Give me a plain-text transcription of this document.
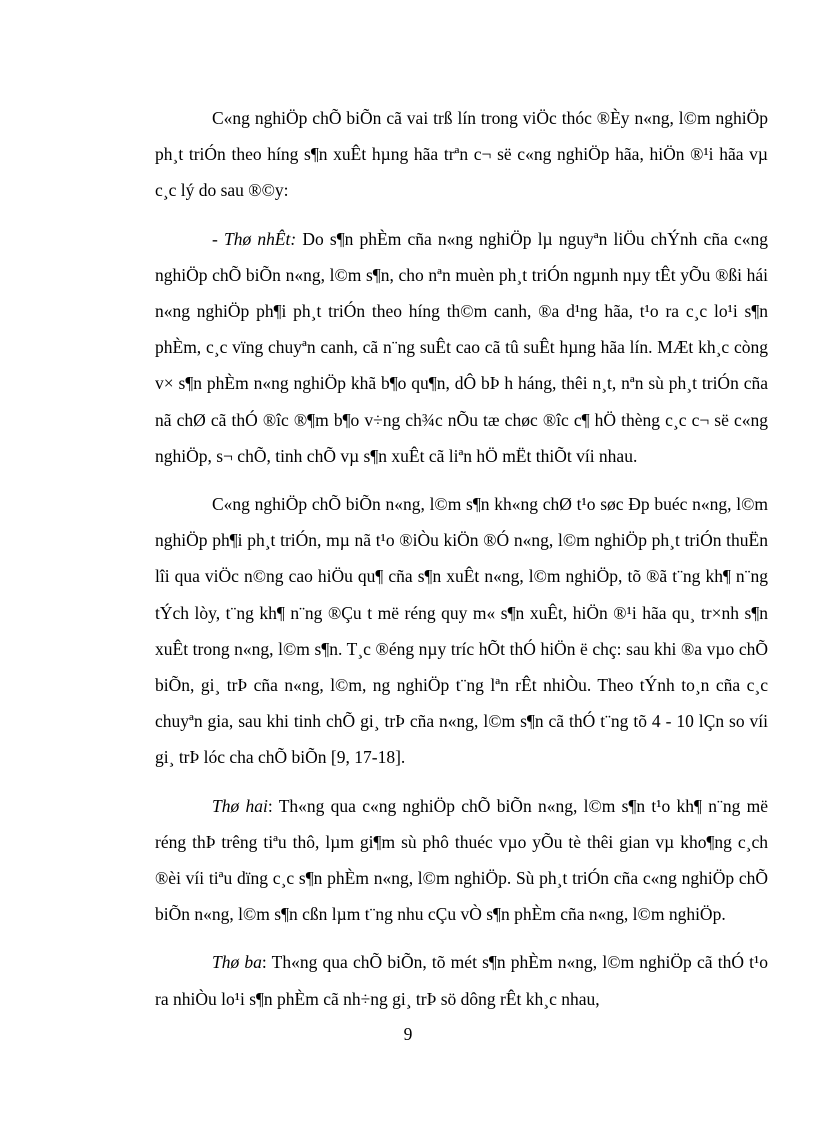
C«ng nghiÖp chÕ biÕn cã vai trß lín trong viÖc thóc ®Èy n«ng, l©m nghiÖp ph¸t triÓn theo híng s¶n xuÊt hµng hãa trªn c¬ së c«ng nghiÖp hãa, hiÖn ®¹i hãa vµ c¸c lý do sau ®©y:

- Thø nhÊt: Do s¶n phÈm cña n«ng nghiÖp lµ nguyªn liÖu chÝnh cña c«ng nghiÖp chÕ biÕn n«ng, l©m s¶n, cho nªn muèn ph¸t triÓn ngµnh nµy tÊt yÕu ®ßi hái n«ng nghiÖp ph¶i ph¸t triÓn theo híng th©m canh, ®a d¹ng hãa, t¹o ra c¸c lo¹i s¶n phÈm, c¸c vïng chuyªn canh, cã n¨ng suÊt cao cã tû suÊt hµng hãa lín. MÆt kh¸c còng v× s¶n phÈm n«ng nghiÖp khã b¶o qu¶n, dÔ bÞ h háng, thêi n¸t, nªn sù ph¸t triÓn cña nã chØ cã thÓ ®îc ®¶m b¶o v÷ng ch¾c nÕu tæ chøc ®îc c¶ hÖ thèng c¸c c¬ së c«ng nghiÖp, s¬ chÕ, tinh chÕ vµ s¶n xuÊt cã liªn hÖ mËt thiÕt víi nhau.

C«ng nghiÖp chÕ biÕn n«ng, l©m s¶n kh«ng chØ t¹o søc Ðp buéc n«ng, l©m nghiÖp ph¶i ph¸t triÓn, mµ nã t¹o ®iÒu kiÖn ®Ó n«ng, l©m nghiÖp ph¸t triÓn thuËn lîi qua viÖc n©ng cao hiÖu qu¶ cña s¶n xuÊt n«ng, l©m nghiÖp, tõ ®ã t¨ng kh¶ n¨ng tÝch lòy, t¨ng kh¶ n¨ng ®Çu t më réng quy m« s¶n xuÊt, hiÖn ®¹i hãa qu¸ tr×nh s¶n xuÊt trong n«ng, l©m s¶n. T¸c ®éng nµy tríc hÕt thÓ hiÖn ë chç: sau khi ®a vµo chÕ biÕn, gi¸ trÞ cña n«ng, l©m, ng nghiÖp t¨ng lªn rÊt nhiÒu. Theo tÝnh to¸n cña c¸c chuyªn gia, sau khi tinh chÕ gi¸ trÞ cña n«ng, l©m s¶n cã thÓ t¨ng tõ 4 - 10 lÇn so víi gi¸ trÞ lóc cha chÕ biÕn [9, 17-18].

Thø hai: Th«ng qua c«ng nghiÖp chÕ biÕn n«ng, l©m s¶n t¹o kh¶ n¨ng më réng thÞ trêng tiªu thô, lµm gi¶m sù phô thuéc vµo yÕu tè thêi gian vµ kho¶ng c¸ch ®èi víi tiªu dïng c¸c s¶n phÈm n«ng, l©m nghiÖp. Sù ph¸t triÓn cña c«ng nghiÖp chÕ biÕn n«ng, l©m s¶n cßn lµm t¨ng nhu cÇu vÒ s¶n phÈm cña n«ng, l©m nghiÖp.

Thø ba: Th«ng qua chÕ biÕn, tõ mét s¶n phÈm n«ng, l©m nghiÖp cã thÓ t¹o ra nhiÒu lo¹i s¶n phÈm cã nh÷ng gi¸ trÞ sö dông rÊt kh¸c nhau,

9
